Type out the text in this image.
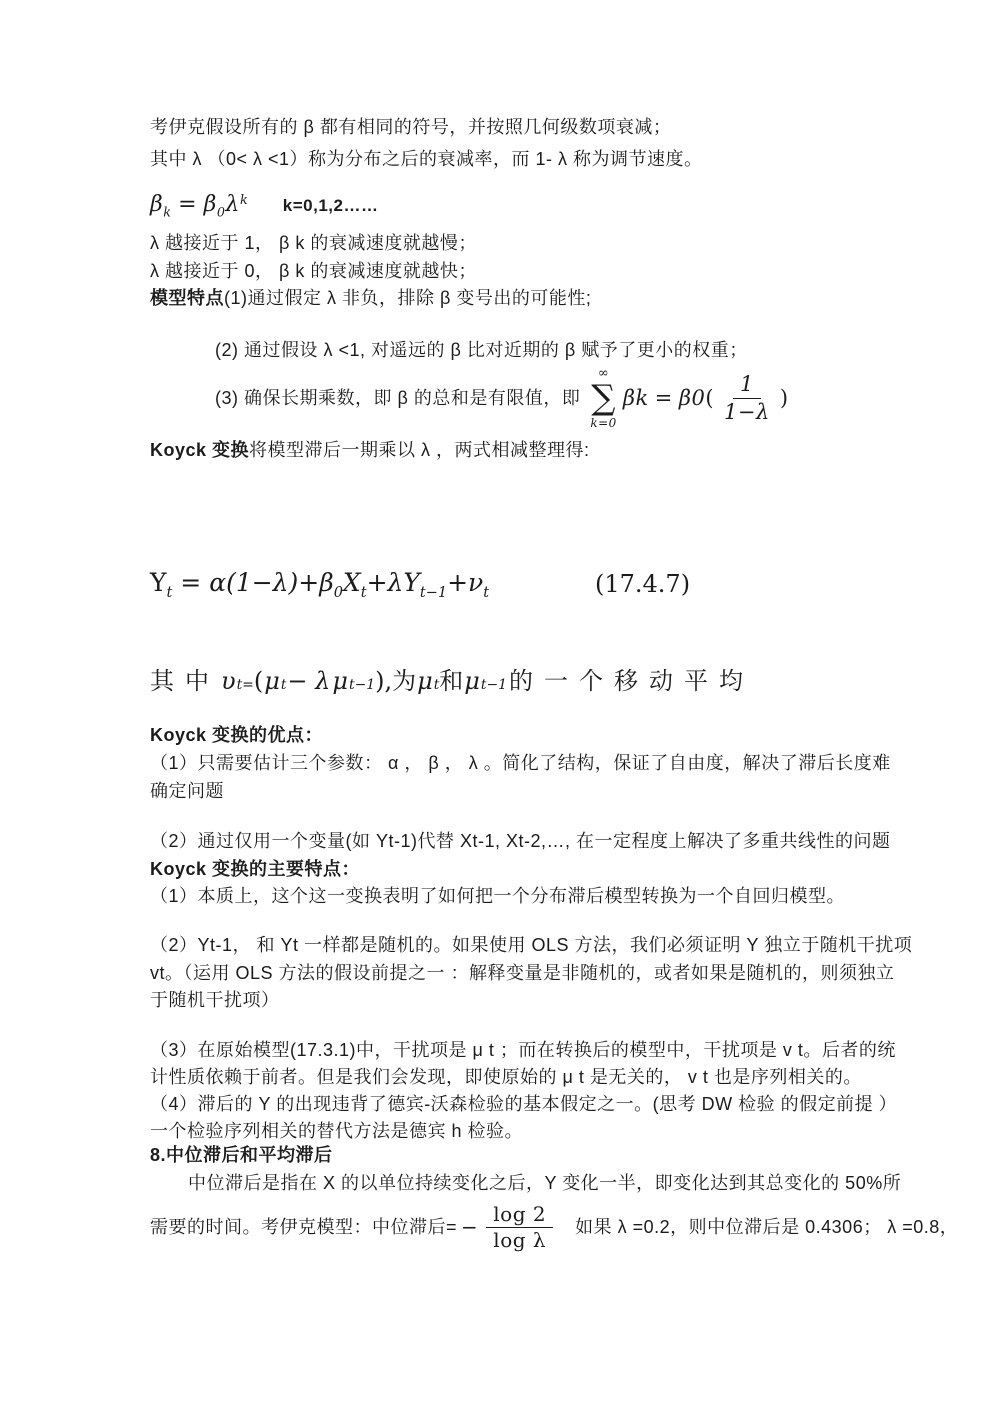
考伊克假设所有的 β 都有相同的符号，并按照几何级数项衰减；
其中 λ （0< λ <1）称为分布之后的衰减率，而 1- λ 称为调节速度。
$\beta_k = \beta_0\lambda^k$ k=0,1,2……
λ 越接近于 1， β k 的衰减速度就越慢；
λ 越接近于 0， β k 的衰减速度就越快；
模型特点(1)通过假定 λ 非负，排除 β 变号出的可能性;
(2) 通过假设 λ <1, 对遥远的 β 比对近期的 β 赋予了更小的权重；
(3) 确保长期乘数，即 β 的总和是有限值，即
∞
∑
k=0
β k = β 0 ( $\frac{1}{1-\lambda}$ )
Koyck 变换将模型滞后一期乘以 λ ，两式相减整理得:
$Y_t = \alpha(1-\lambda)+\beta_0X_t+\lambda Y_{t-1}+\nu_t$	(17.4.7)
其中 υ t= ( μ t − λ μ t−1 ), 为 μ t 和 μ t−1 的一个移动平均
Koyck 变换的优点：
（1）只需要估计三个参数： α ， β ， λ 。简化了结构，保证了自由度，解决了滞后长度难
确定问题
（2）通过仅用一个变量(如 Yt-1)代替 Xt-1, Xt-2,…, 在一定程度上解决了多重共线性的问题
Koyck 变换的主要特点：
（1）本质上，这个这一变换表明了如何把一个分布滞后模型转换为一个自回归模型。
（2）Yt-1， 和 Yt 一样都是随机的。如果使用 OLS 方法，我们必须证明 Y 独立于随机干扰项
vt。（运用 OLS 方法的假设前提之一 ：解释变量是非随机的，或者如果是随机的，则须独立
于随机干扰项）
（3）在原始模型(17.3.1)中，干扰项是 μ t ；而在转换后的模型中，干扰项是 v t。后者的统
计性质依赖于前者。但是我们会发现，即使原始的 μ t 是无关的， v t 也是序列相关的。
（4）滞后的 Y 的出现违背了德宾-沃森检验的基本假定之一。(思考 DW 检验 的假定前提 ）
一个检验序列相关的替代方法是德宾 h 检验。
8.中位滞后和平均滞后
中位滞后是指在 X 的以单位持续变化之后，Y 变化一半，即变化达到其总变化的 50%所
需要的时间。考伊克模型：中位滞后= − $\frac{\log 2}{\text{log λ}}$ 如果 λ =0.2，则中位滞后是 0.4306； λ =0.8，
